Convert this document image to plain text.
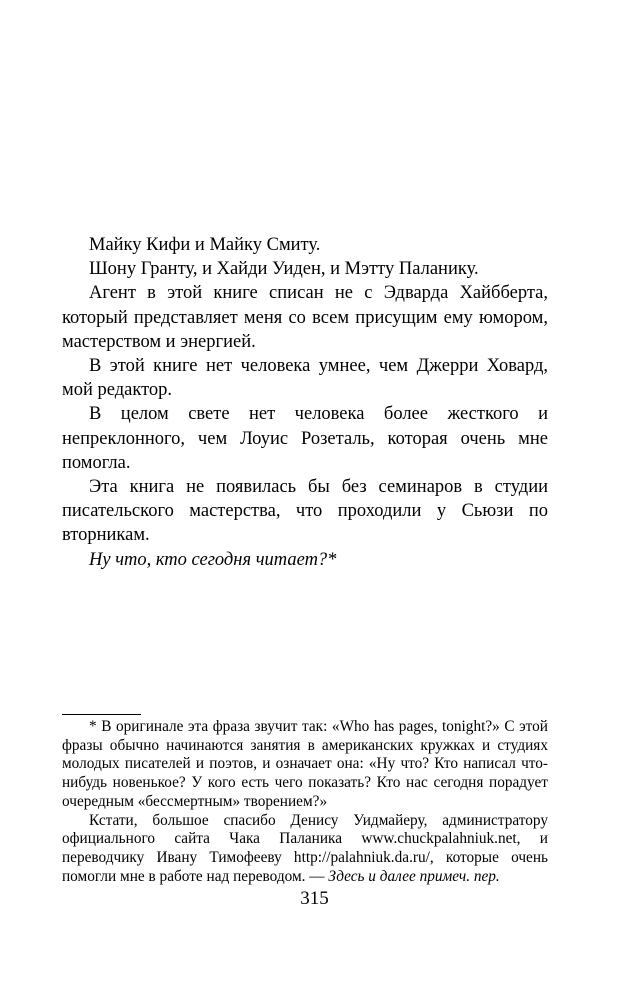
Майку Кифи и Майку Смиту.

Шону Гранту, и Хайди Уиден, и Мэтту Паланику.

Агент в этой книге списан не с Эдварда Хайбберта, который представляет меня со всем присущим ему юмором, мастерством и энергией.

В этой книге нет человека умнее, чем Джерри Ховард, мой редактор.

В целом свете нет человека более жесткого и непреклонного, чем Лоуис Розеталь, которая очень мне помогла.

Эта книга не появилась бы без семинаров в студии писательского мастерства, что проходили у Сьюзи по вторникам.

Ну что, кто сегодня читает?*

* В оригинале эта фраза звучит так: «Who has pages, tonight?» С этой фразы обычно начинаются занятия в американских кружках и студиях молодых писателей и поэтов, и означает она: «Ну что? Кто написал что-нибудь новенькое? У кого есть чего показать? Кто нас сегодня порадует очередным «бессмертным» творением?»

Кстати, большое спасибо Денису Уидмайеру, администратору официального сайта Чака Паланика www.chuckpalahniuk.net, и переводчику Ивану Тимофееву http://palahniuk.da.ru/, которые очень помогли мне в работе над переводом. — Здесь и далее примеч. пер.

315
